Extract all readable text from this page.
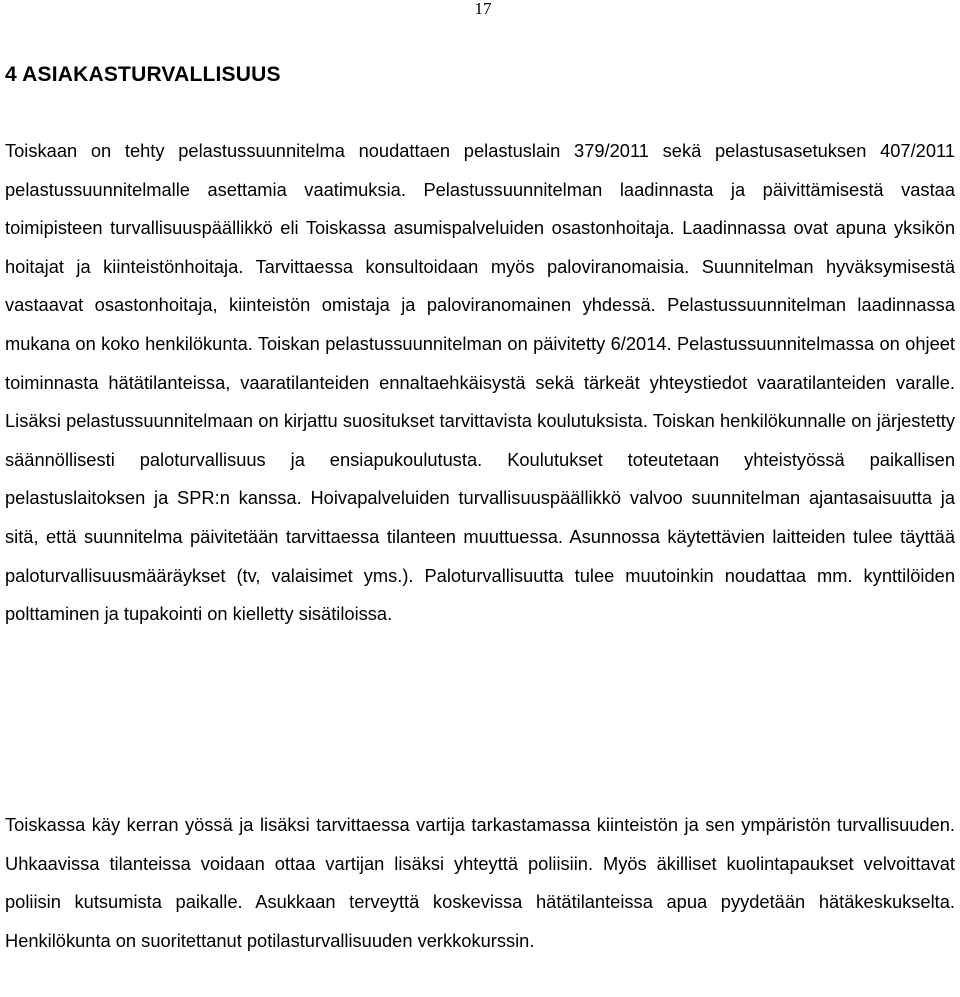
17
4 ASIAKASTURVALLISUUS

Toiskaan on tehty pelastussuunnitelma noudattaen pelastuslain 379/2011 sekä pelastusasetuksen 407/2011 pelastussuunnitelmalle asettamia vaatimuksia. Pelastussuunnitelman laadinnasta ja päivittämisestä vastaa toimipisteen turvallisuuspäällikkö eli Toiskassa asumispalveluiden osastonhoitaja. Laadinnassa ovat apuna yksikön hoitajat ja kiinteistönhoitaja. Tarvittaessa konsultoidaan myös paloviranomaisia. Suunnitelman hyväksymisestä vastaavat osastonhoitaja, kiinteistön omistaja ja paloviranomainen yhdessä. Pelastussuunnitelman laadinnassa mukana on koko henkilökunta. Toiskan pelastussuunnitelman on päivitetty 6/2014. Pelastussuunnitelmassa on ohjeet toiminnasta hätätilanteissa, vaaratilanteiden ennaltaehkäisystä sekä tärkeät yhteystiedot vaaratilanteiden varalle. Lisäksi pelastussuunnitelmaan on kirjattu suositukset tarvittavista koulutuksista. Toiskan henkilökunnalle on järjestetty säännöllisesti paloturvallisuus ja ensiapukoulutusta. Koulutukset toteutetaan yhteistyössä paikallisen pelastuslaitoksen ja SPR:n kanssa. Hoivapalveluiden turvallisuuspäällikkö valvoo suunnitelman ajantasaisuutta ja sitä, että suunnitelma päivitetään tarvittaessa tilanteen muuttuessa. Asunnossa käytettävien laitteiden tulee täyttää paloturvallisuusmääräykset (tv, valaisimet yms.). Paloturvallisuutta tulee muutoinkin noudattaa mm. kynttilöiden polttaminen ja tupakointi on kielletty sisätiloissa.

Toiskassa käy kerran yössä ja lisäksi tarvittaessa vartija tarkastamassa kiinteistön ja sen ympäristön turvallisuuden. Uhkaavissa tilanteissa voidaan ottaa vartijan lisäksi yhteyttä poliisiin. Myös äkilliset kuolintapaukset velvoittavat poliisin kutsumista paikalle. Asukkaan terveyttä koskevissa hätätilanteissa apua pyydetään hätäkeskukselta. Henkilökunta on suoritettanut potilasturvallisuuden verkkokurssin.
